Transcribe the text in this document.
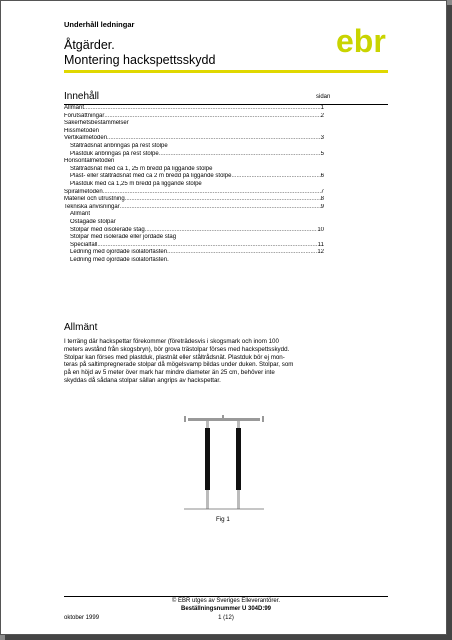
Underhåll ledningar
Åtgärder.
Montering hackspettsskydd
ebr
Innehåll	sidan
Allmänt .....	1
Förutsättningar .....	2
Säkerhetsbestämmelser
Hissmetoden
Vertikalmetoden .....	3
Ståltrådsnät anbringas på rest stolpe
Plastduk anbringas på rest stolpe .....	5
Horisontalmetoden
Ståltrådsnät med ca 1, 25 m bredd på liggande stolpe
Plast- eller ståltrådsnät med ca 2 m bredd på liggande stolpe .....	6
Plastduk med ca 1,25 m bredd på liggande stolpe
Spiralmetoden .....	7
Materiel och utrustning .....	8
Tekniska anvisningar .....	9
Allmänt
Ostagade stolpar
Stolpar med oisolerade stag .....	10
Stolpar med isolerade eller jordade stag
Specialfall .....	11
Ledning med ojordade isolatorfästen .....	12
Ledning med ojordade isolatorfästen.
Allmänt
I terräng där hackspettar förekommer (företrädesvis i skogsmark och inom 100
meters avstånd från skogsbryn), bör grova trästolpar förses med hackspettsskydd.
Stolpar kan förses med plastduk, plastnät eller ståltrådsnät. Plastduk bör ej mon-
teras på saltimpregnerade stolpar då mögelsvamp bildas under duken. Stolpar, som
på en höjd av 5 meter över mark har mindre diameter än 25 cm, behöver inte
skyddas då sådana stolpar sällan angrips av hackspettar.
Fig 1
© EBR utges av Sveriges Elleverantörer.
Beställningsnummer U 304D:99
oktober 1999	1 (12)
